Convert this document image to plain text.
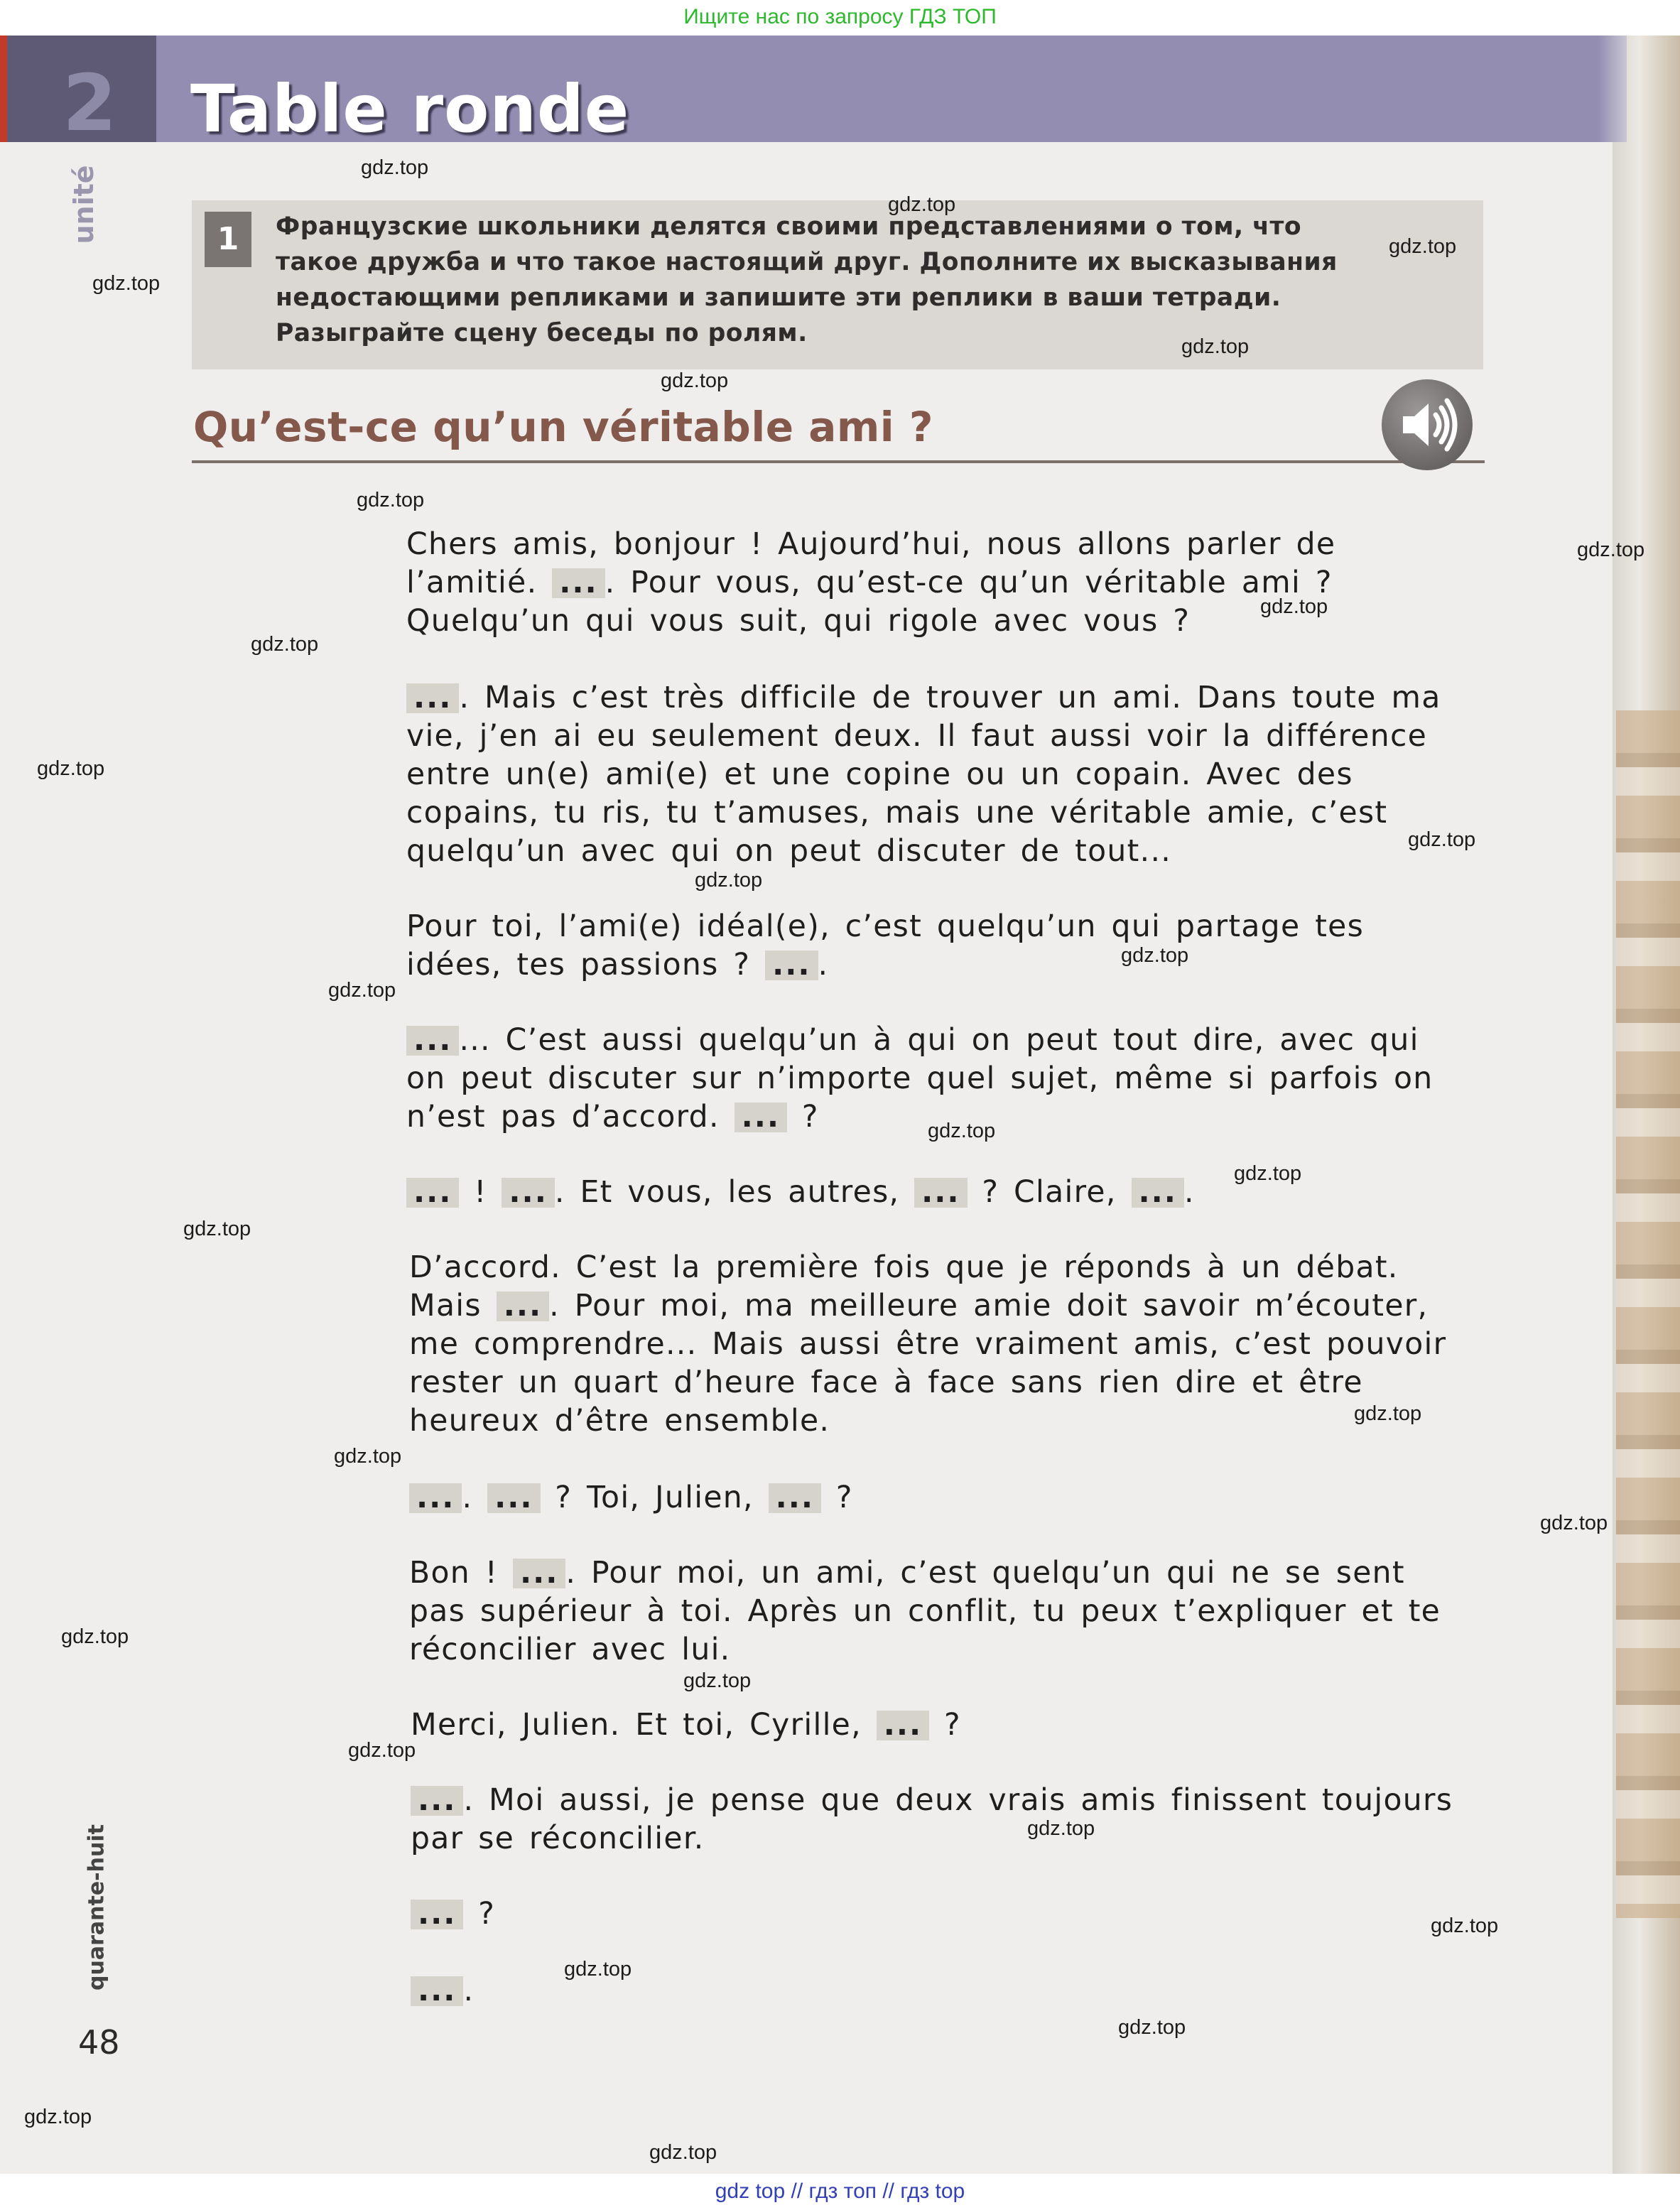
Ищите нас по запросу ГДЗ ТОП
2 Table ronde
unité	1	Французские школьники делятся своими представлениями о том, что
такое дружба и что такое настоящий друг. Дополните их высказывания
недостающими репликами и запишите эти реплики в ваши тетради.
Разыграйте сцену беседы по ролям.
Qu’est-ce qu’un véritable ami ?
Chers amis, bonjour ! Aujourd’hui, nous allons parler de
l’amitié. ... . Pour vous, qu’est-ce qu’un véritable ami ?
Quelqu’un qui vous suit, qui rigole avec vous ?
... . Mais c’est très difficile de trouver un ami. Dans toute ma
vie, j’en ai eu seulement deux. Il faut aussi voir la différence
entre un(e) ami(e) et une copine ou un copain. Avec des
copains, tu ris, tu t’amuses, mais une véritable amie, c’est
quelqu’un avec qui on peut discuter de tout...
Pour toi, l’ami(e) idéal(e), c’est quelqu’un qui partage tes
idées, tes passions ? ... .
... ... C’est aussi quelqu’un à qui on peut tout dire, avec qui
on peut discuter sur n’importe quel sujet, même si parfois on
n’est pas d’accord. ... ?
... ! ... . Et vous, les autres, ... ? Claire, ... .
D’accord. C’est la première fois que je réponds à un débat.
Mais ... . Pour moi, ma meilleure amie doit savoir m’écouter,
me comprendre... Mais aussi être vraiment amis, c’est pouvoir
rester un quart d’heure face à face sans rien dire et être
heureux d’être ensemble.
... . ... ? Toi, Julien, ... ?
Bon ! ... . Pour moi, un ami, c’est quelqu’un qui ne se sent
pas supérieur à toi. Après un conflit, tu peux t’expliquer et te
réconcilier avec lui.
Merci, Julien. Et toi, Cyrille, ... ?
... . Moi aussi, je pense que deux vrais amis finissent toujours
par se réconcilier.
... ?
... .
quarante-huit
48
gdz.top
gdz.top
gdz.top
gdz.top
gdz.top
gdz.top
gdz.top
gdz.top
gdz.top
gdz.top
gdz.top
gdz.top
gdz.top
gdz.top
gdz.top
gdz.top
gdz.top
gdz.top
gdz.top
gdz.top
gdz.top
gdz.top
gdz.top
gdz.top
gdz.top
gdz.top
gdz.top
gdz.top
gdz.top
gdz.top
gdz top // гдз топ // гдз top
